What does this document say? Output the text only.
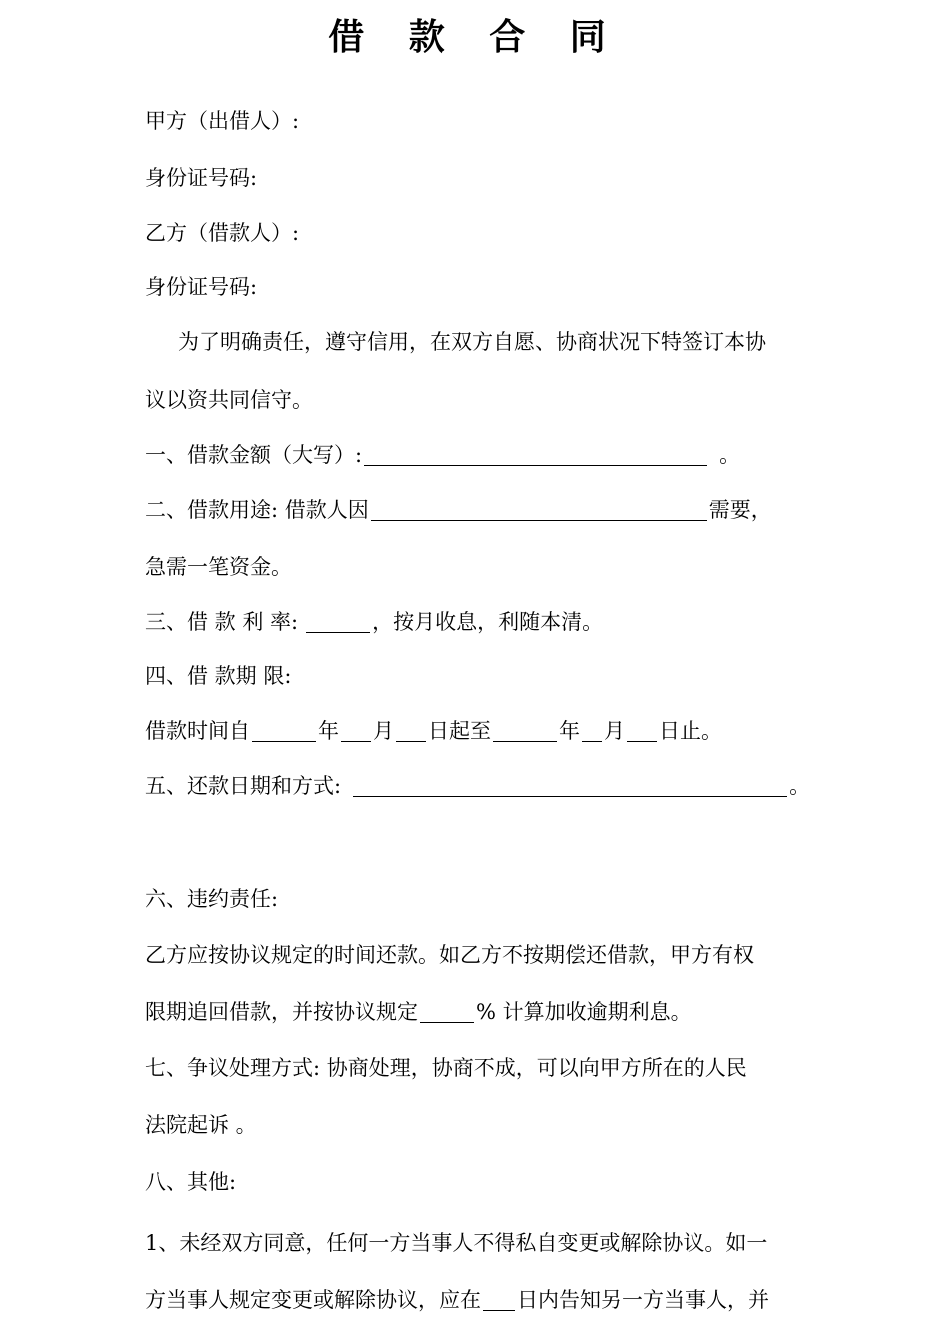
借 款 合 同
甲方（出借人）:
身份证号码:
乙方（借款人）:
身份证号码:
为了明确责任，遵守信用，在双方自愿、协商状况下特签订本协
议以资共同信守。
一、借款金额（大写）:	。
二、借款用途: 借款人因	需要，
急需一笔资金。
三、借 款 利 率:	，按月收息，利随本清。
四、借 款期 限:
借款时间自	年 月 日起至	年 月 日止。
五、还款日期和方式:	。
六、违约责任:
乙方应按协议规定的时间还款。如乙方不按期偿还借款，甲方有权
限期追回借款，并按协议规定	% 计算加收逾期利息。
七、争议处理方式: 协商处理，协商不成，可以向甲方所在的人民
法院起诉 。
八、其他:
1、未经双方同意，任何一方当事人不得私自变更或解除协议。如一
方当事人规定变更或解除协议，应在 日内告知另一方当事人，并
